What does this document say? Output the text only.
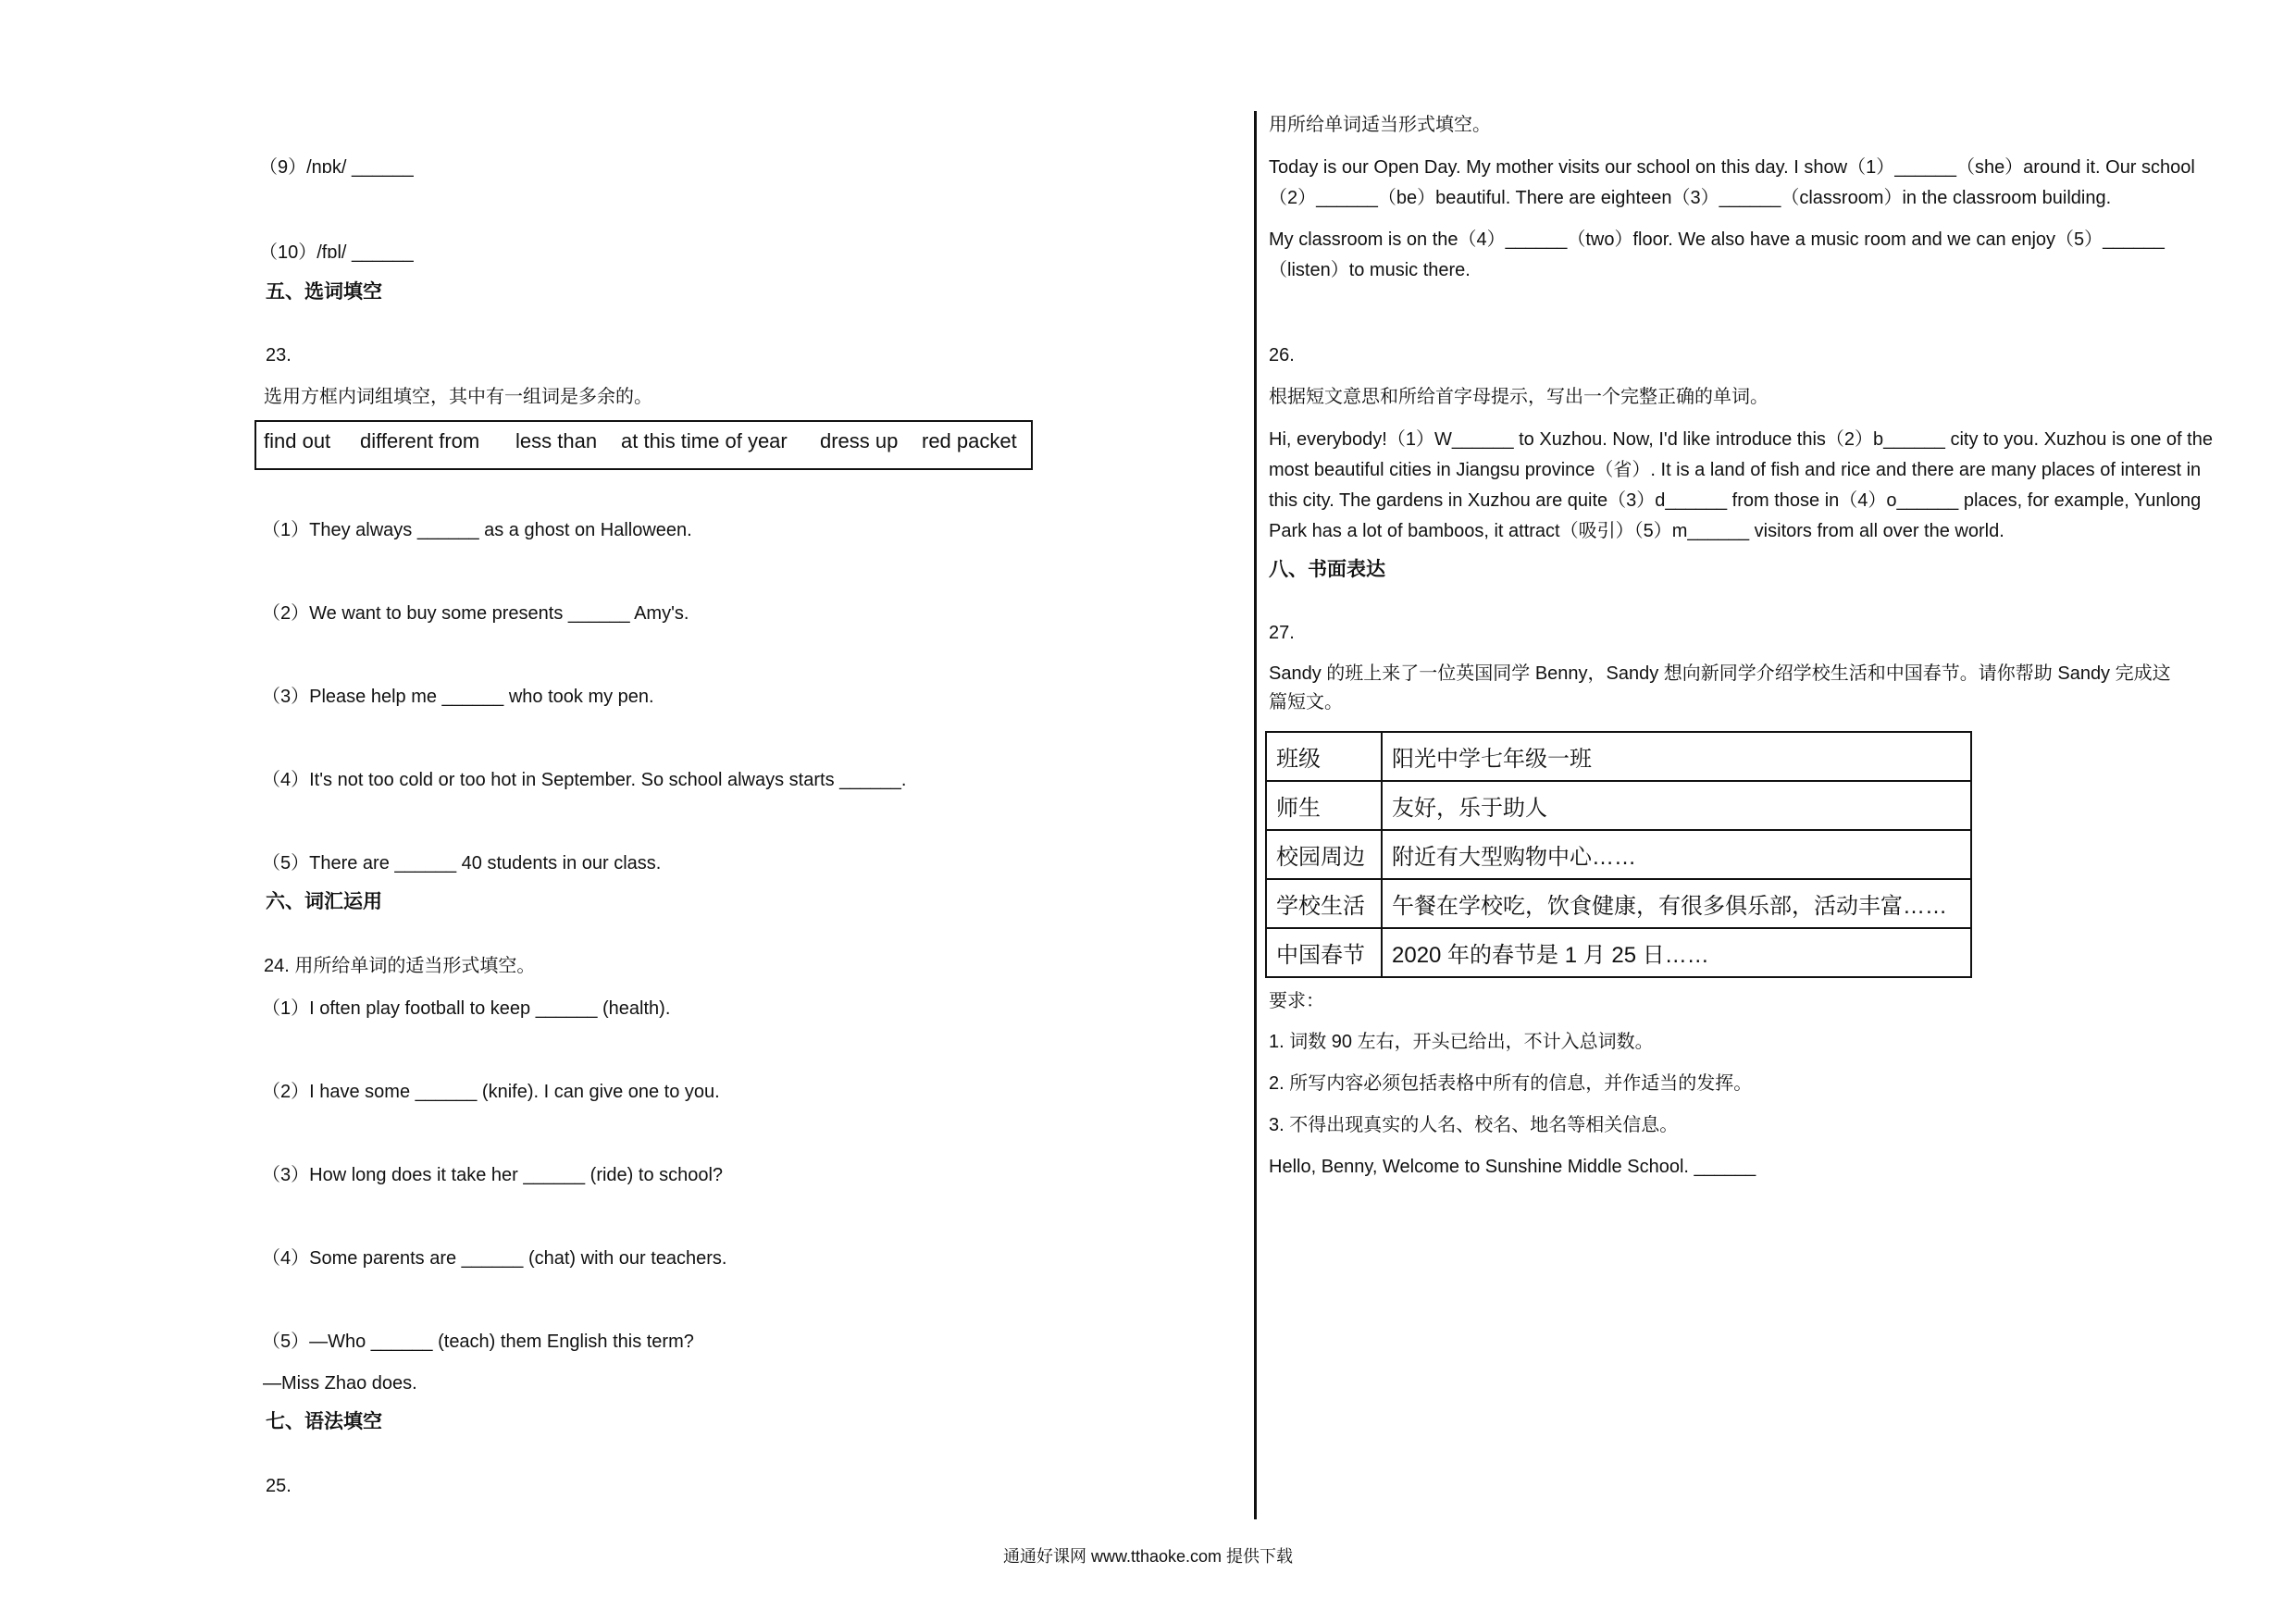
（9）/nɒk/ ______
（10）/fɒl/ ______
五、选词填空
23.
选用方框内词组填空，其中有一组词是多余的。
find out different from less than at this time of year dress up red packet
（1）They always ______ as a ghost on Halloween.
（2）We want to buy some presents ______ Amy's.
（3）Please help me ______ who took my pen.
（4）It's not too cold or too hot in September. So school always starts ______.
（5）There are ______ 40 students in our class.
六、词汇运用
24. 用所给单词的适当形式填空。
（1）I often play football to keep ______ (health).
（2）I have some ______ (knife). I can give one to you.
（3）How long does it take her ______ (ride) to school?
（4）Some parents are ______ (chat) with our teachers.
（5）—Who ______ (teach) them English this term?
—Miss Zhao does.
七、语法填空
25.
用所给单词适当形式填空。
Today is our Open Day. My mother visits our school on this day. I show（1）______（she）around it. Our school
（2）______（be）beautiful. There are eighteen（3）______（classroom）in the classroom building.
My classroom is on the（4）______（two）floor. We also have a music room and we can enjoy（5）______
（listen）to music there.
26.
根据短文意思和所给首字母提示，写出一个完整正确的单词。
Hi, everybody!（1）W______ to Xuzhou. Now, I'd like introduce this（2）b______ city to you. Xuzhou is one of the
most beautiful cities in Jiangsu province（省）. It is a land of fish and rice and there are many places of interest in
this city. The gardens in Xuzhou are quite（3）d______ from those in（4）o______ places, for example, Yunlong
Park has a lot of bamboos, it attract（吸引）（5）m______ visitors from all over the world.
八、书面表达
27.
Sandy 的班上来了一位英国同学 Benny，Sandy 想向新同学介绍学校生活和中国春节。请你帮助 Sandy 完成这
篇短文。
班级	阳光中学七年级一班
师生	友好，乐于助人
校园周边	附近有大型购物中心……
学校生活	午餐在学校吃，饮食健康，有很多俱乐部，活动丰富……
中国春节	2020 年的春节是 1 月 25 日……
要求：
1. 词数 90 左右，开头已给出，不计入总词数。
2. 所写内容必须包括表格中所有的信息，并作适当的发挥。
3. 不得出现真实的人名、校名、地名等相关信息。
Hello, Benny, Welcome to Sunshine Middle School. ______
通通好课网 www.tthaoke.com 提供下载
